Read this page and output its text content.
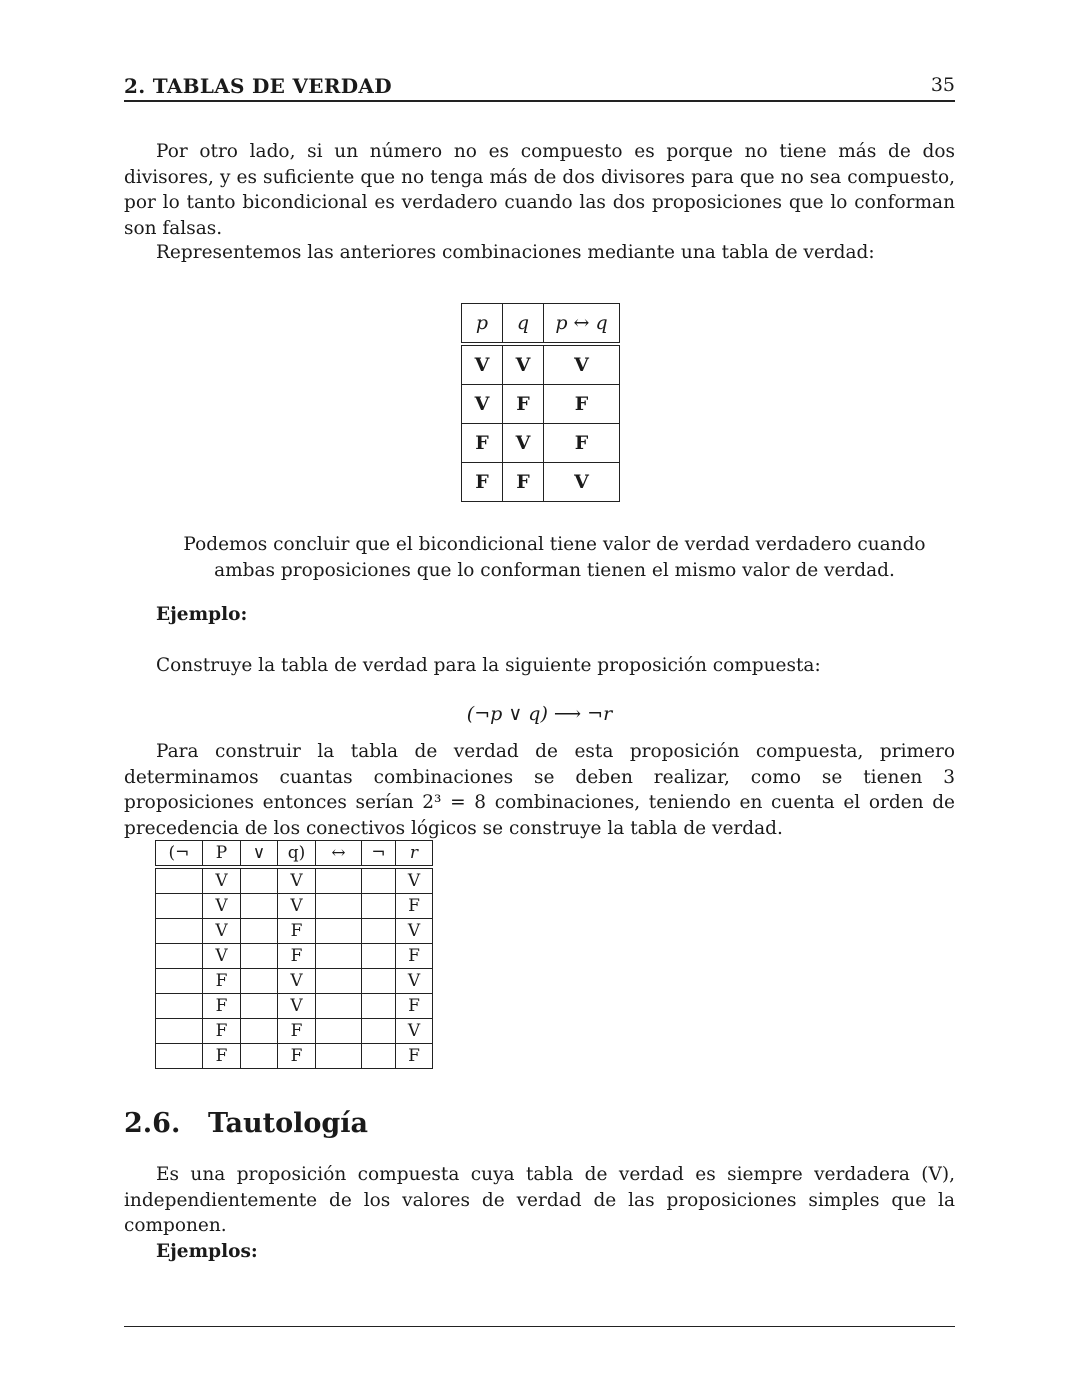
2. TABLAS DE VERDAD	35

Por otro lado, si un número no es compuesto es porque no tiene más de dos divisores, y es suficiente que no tenga más de dos divisores para que no sea compuesto, por lo tanto bicondicional es verdadero cuando las dos proposiciones que lo conforman son falsas.

Representemos las anteriores combinaciones mediante una tabla de verdad:

p	q	p ↔ q
V	V	V
V	F	F
F	V	F
F	F	V

Podemos concluir que el bicondicional tiene valor de verdad verdadero cuando ambas proposiciones que lo conforman tienen el mismo valor de verdad.

Ejemplo:

Construye la tabla de verdad para la siguiente proposición compuesta:

(¬p ∨ q) ⟶ ¬r

Para construir la tabla de verdad de esta proposición compuesta, primero determinamos cuantas combinaciones se deben realizar, como se tienen 3 proposiciones entonces serían 2³ = 8 combinaciones, teniendo en cuenta el orden de precedencia de los conectivos lógicos se construye la tabla de verdad.

(¬	P	∨	q)	↔	¬	r
	V		V			V
	V		V			F
	V		F			V
	V		F			F
	F		V			V
	F		V			F
	F		F			V
	F		F			F
2.6. Tautología

Es una proposición compuesta cuya tabla de verdad es siempre verdadera (V), independientemente de los valores de verdad de las proposiciones simples que la componen.

Ejemplos:
